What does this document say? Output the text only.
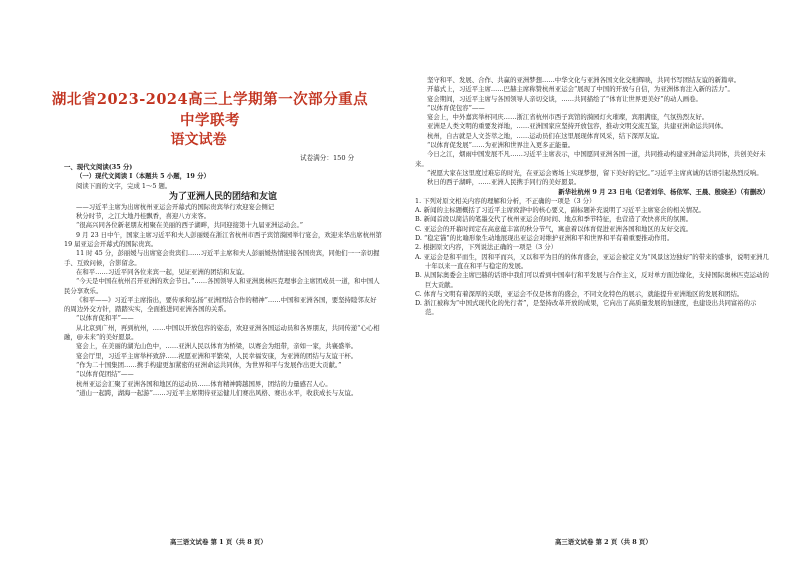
湖北省2023-2024高三上学期第一次部分重点中学联考
语文试卷
试卷满分：150 分

一、现代文阅读(35 分)

（一）现代文阅读 I（本题共 5 小题，19 分）

阅读下面的文字，完成 1～5 题。

为了亚洲人民的团结和友谊

——习近平主席为出席杭州亚运会开幕式的国际贵宾举行欢迎宴会侧记

秋分时节，之江大地丹桂飘香，喜迎八方来客。

“很高兴同各位新老朋友相聚在美丽的西子湖畔，共同迎接第十九届亚洲运动会。”

9 月 23 日中午，国家主席习近平和夫人彭丽媛在浙江省杭州市西子宾馆漪园举行宴会，欢迎来华出席杭州第 19 届亚运会开幕式的国际贵宾。

11 时 45 分，彭丽媛与出席宴会贵宾们……习近平主席和夫人彭丽媛热情迎接各国贵宾，同他们一一亲切握手、互致问候，合影留念。

在和平……习近平同各位来宾一起，见证亚洲的团结和友谊。

“今天是中国在杭州召开亚洲的欢会节日。”……各国领导人和亚洲奥林匹克理事会主席团成员一道，和中国人民分享欢乐。

《和平——》习近平主席指出，要传承和弘扬“亚洲团结合作的精神”……中国和亚洲各国，要坚持睦邻友好的周边外交方针，踏踏实实，全面推进同亚洲各国的关系。

“以体育促和平”——

从北京到广州，再到杭州，……中国以开放包容的姿态，欢迎亚洲各国运动员和各界朋友，共同传递“心心相融，@未来”的美好愿景。

宴会上，在美丽的湖光山色中，……亚洲人民以体育为桥梁，以赛会为纽带，亲如一家，共襄盛举。

宴会厅里，习近平主席举杯致辞……祝愿亚洲和平繁荣，人民幸福安康，为亚洲的团结与友谊干杯。

“作为二十国集团……携手构建更加紧密的亚洲命运共同体，为世界和平与发展作出更大贡献。”

“以体育促团结”——

杭州亚运会汇聚了亚洲各国和地区的运动员……体育精神跨越国界，团结的力量感召人心。

“道山一起跨，湖海一起游”……习近平主席期待亚运健儿们赛出风格、赛出水平，收获成长与友谊。

坚守和平、发展、合作、共赢的亚洲梦想……中华文化与亚洲各国文化交相辉映，共同书写团结友谊的新篇章。

开幕式上，习近平主席……巴赫主席称赞杭州亚运会“展现了中国的开放与自信，为亚洲体育注入新的活力”。

宴会期间，习近平主席与各国领导人亲切交谈，……共同描绘了“体育让世界更美好”的动人画卷。

“以体育促包容”——

宴会上，中外嘉宾举杯同庆……浙江省杭州市西子宾馆的漪园灯火璀璨，宾朋满座，气氛热烈友好。

亚洲是人类文明的重要发祥地，……亚洲国家应坚持开放包容，推动文明交流互鉴，共建亚洲命运共同体。

杭州，自古就是人文荟萃之地，……运动员们在这里展现体育风采，结下深厚友谊。

“以体育促发展”……为亚洲和世界注入更多正能量。

今日之江，烟雨中国发展不凡……习近平主席表示，中国愿同亚洲各国一道，共同推动构建亚洲命运共同体，共创美好未来。

“祝愿大家在这里度过难忘的时光，在亚运会赛场上实现梦想，留下美好的记忆。”习近平主席真诚的话语引起热烈反响。

秋日的西子湖畔，……亚洲人民携手同行的美好愿景。

新华社杭州 9 月 23 日电（记者刘华、杨依军、王晨、殷晓圣）（有删改）

1. 下列对原文相关内容的理解和分析，不正确的一项是（3 分）

A. 新闻的主标题概括了习近平主席致辞中的核心要义，副标题补充说明了习近平主席宴会的相关情况。

B. 新闻首段以简洁的笔墨交代了杭州亚运会的时间、地点和季节特征，也营造了欢快喜庆的氛围。

C. 亚运会的开幕时间定在高意蕴丰富的秋分节气，寓意着以体育促进亚洲各国和地区的友好交流。

D. “稳定锚”的比喻形象生动地展现出亚运会对维护亚洲和平和世界和平有着重要推动作用。

2. 根据原文内容，下列说法正确的一项是（3 分）

A. 亚运会是和平而生，因和平而兴，又以和平为目的的体育盛会，亚运会被定义为“风景这边独好”的带来的盛事，说明亚洲几十年以来一直在和平与稳定的发展。

B. 从国际奥委会主席巴赫的话语中我们可以看到中国奉行和平发展与合作主义，反对单方面边缘化，支持国际奥林匹克运动的巨大贡献。

C. 体育与文明有着深厚的关联，亚运会不仅是体育的盛会，不同文化特色的展示，就能提升亚洲地区的发展和团结。

D. 浙江被称为“中国式现代化的先行者”，是坚持改革开放的成果，它向出了高质量发展的加速度，也建设出共同富裕的示范。

高三语文试卷 第 1 页（共 8 页）	高三语文试卷 第 2 页（共 8 页）
